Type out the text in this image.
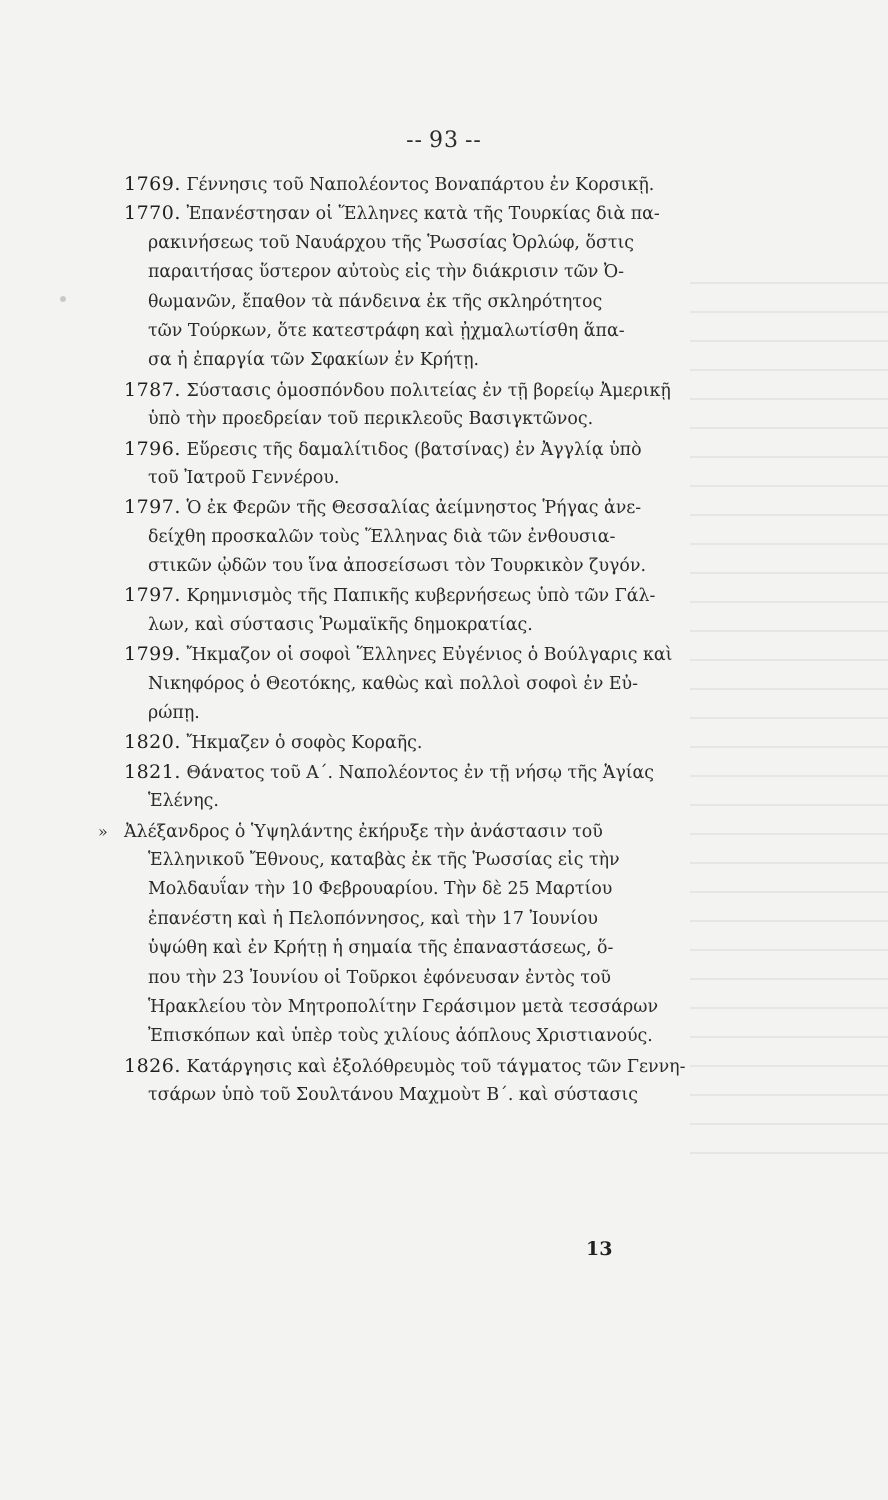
-- 93 --
1769. Γέννησις τοῦ Ναπολέοντος Βοναπάρτου ἐν Κορσικῇ.
1770. Ἐπανέστησαν οἱ Ἕλληνες κατὰ τῆς Τουρκίας διὰ πα-
ρακινήσεως τοῦ Ναυάρχου τῆς Ῥωσσίας Ὀρλώφ, ὅστις
παραιτήσας ὕστερον αὐτοὺς εἰς τὴν διάκρισιν τῶν Ὀ-
θωμανῶν, ἔπαθον τὰ πάνδεινα ἐκ τῆς σκληρότητος
τῶν Τούρκων, ὅτε κατεστράφη καὶ ᾐχμαλωτίσθη ἅπα-
σα ἡ ἐπαργία τῶν Σφακίων ἐν Κρήτῃ.
1787. Σύστασις ὁμοσπόνδου πολιτείας ἐν τῇ βορείῳ Ἀμερικῇ
ὑπὸ τὴν προεδρείαν τοῦ περικλεοῦς Βασιγκτῶνος.
1796. Εὕρεσις τῆς δαμαλίτιδος (βατσίνας) ἐν Ἀγγλίᾳ ὑπὸ
τοῦ Ἰατροῦ Γεννέρου.
1797. Ὁ ἐκ Φερῶν τῆς Θεσσαλίας ἀείμνηστος Ῥήγας ἀνε-
δείχθη προσκαλῶν τοὺς Ἕλληνας διὰ τῶν ἐνθουσια-
στικῶν ᾠδῶν του ἵνα ἀποσείσωσι τὸν Τουρκικὸν ζυγόν.
1797. Κρημνισμὸς τῆς Παπικῆς κυβερνήσεως ὑπὸ τῶν Γάλ-
λων, καὶ σύστασις Ῥωμαϊκῆς δημοκρατίας.
1799. Ἤκμαζον οἱ σοφοὶ Ἕλληνες Εὐγένιος ὁ Βούλγαρις καὶ
Νικηφόρος ὁ Θεοτόκης, καθὼς καὶ πολλοὶ σοφοὶ ἐν Εὐ-
ρώπῃ.
1820. Ἤκμαζεν ὁ σοφὸς Κοραῆς.
1821. Θάνατος τοῦ Α΄. Ναπολέοντος ἐν τῇ νήσῳ τῆς Ἁγίας
Ἑλένης.
» Ἀλέξανδρος ὁ Ὑψηλάντης ἐκήρυξε τὴν ἀνάστασιν τοῦ
Ἑλληνικοῦ Ἔθνους, καταβὰς ἐκ τῆς Ῥωσσίας εἰς τὴν
Μολδαυΐαν τὴν 10 Φεβρουαρίου. Τὴν δὲ 25 Μαρτίου
ἐπανέστη καὶ ἡ Πελοπόννησος, καὶ τὴν 17 Ἰουνίου
ὑψώθη καὶ ἐν Κρήτῃ ἡ σημαία τῆς ἐπαναστάσεως, ὅ-
που τὴν 23 Ἰουνίου οἱ Τοῦρκοι ἐφόνευσαν ἐντὸς τοῦ
Ἡρακλείου τὸν Μητροπολίτην Γεράσιμον μετὰ τεσσάρων
Ἐπισκόπων καὶ ὑπὲρ τοὺς χιλίους ἀόπλους Χριστιανούς.
1826. Κατάργησις καὶ ἐξολόθρευμὸς τοῦ τάγματος τῶν Γεννη-
τσάρων ὑπὸ τοῦ Σουλτάνου Μαχμοὺτ Β΄. καὶ σύστασις
13
